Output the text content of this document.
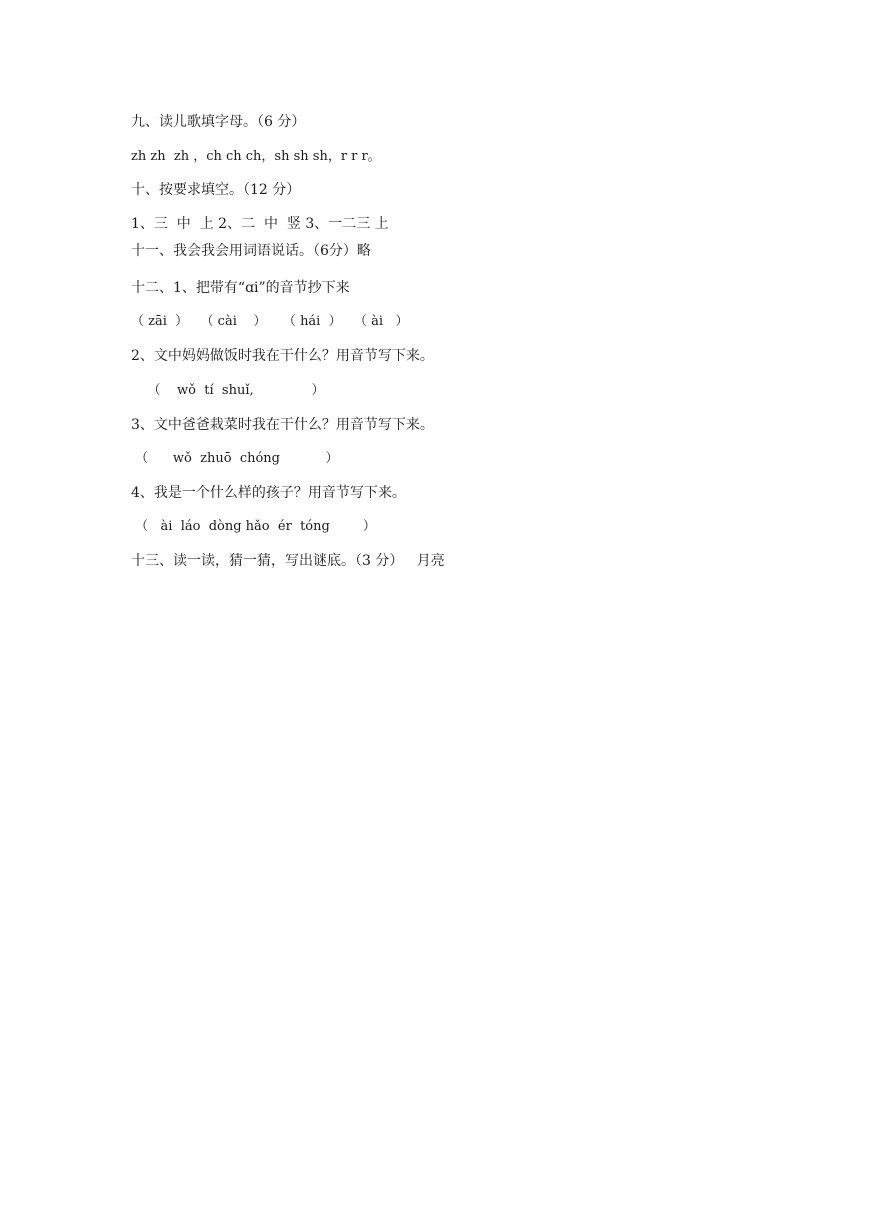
九、读儿歌填字母。（6 分）
zh zh  zh ，ch ch ch，sh sh sh，r r r。
十、按要求填空。（12 分）
1、三  中  上 2、二  中  竖 3、一二三 上
十一、我会我会用词语说话。（6分）略
十二、1、把带有“ɑi”的音节抄下来
（ zāi  ）   （ cài    ）    （ hái  ）   （ ài   ）
2、文中妈妈做饭时我在干什么？用音节写下来。
（    wǒ  tí  shuǐ,              ）
3、文中爸爸栽菜时我在干什么？用音节写下来。
（      wǒ  zhuō  chóng           ）
4、我是一个什么样的孩子？用音节写下来。
（   ài  láo  dòng hǎo  ér  tóng        ）
十三、读一读，猜一猜，写出谜底。（3 分）   月亮
